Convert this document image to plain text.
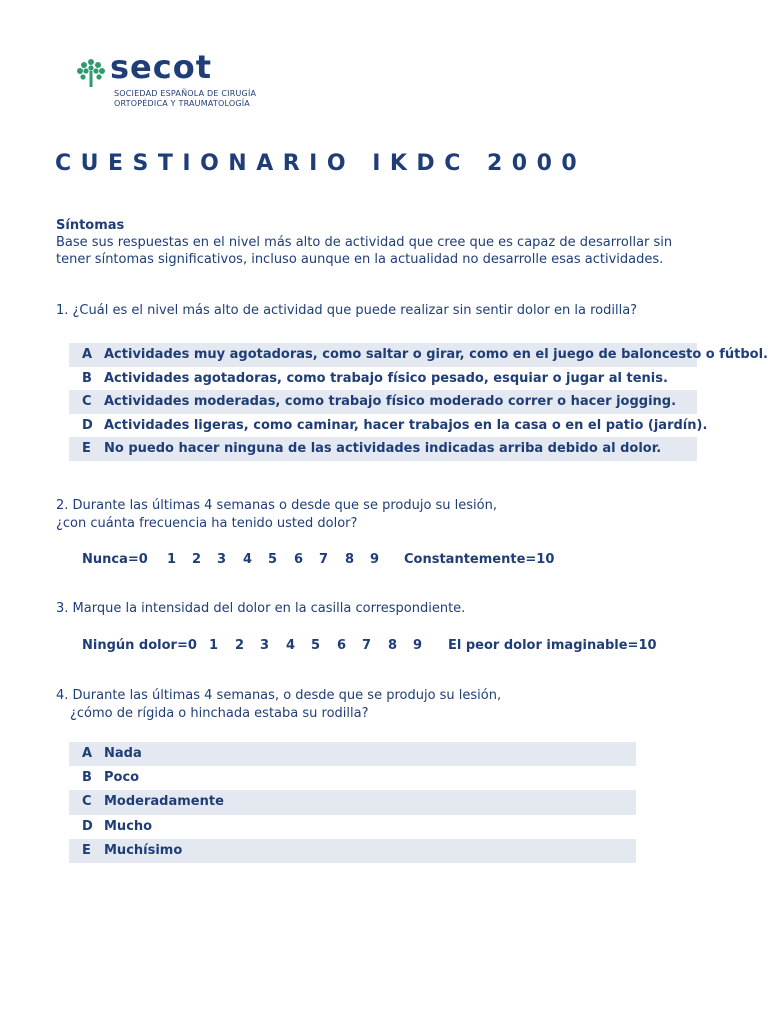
secot
SOCIEDAD ESPAÑOLA DE CIRUGÍA
ORTOPÉDICA Y TRAUMATOLOGÍA
CUESTIONARIO IKDC 2000
Síntomas
Base sus respuestas en el nivel más alto de actividad que cree que es capaz de desarrollar sin
tener síntomas significativos, incluso aunque en la actualidad no desarrolle esas actividades.
1. ¿Cuál es el nivel más alto de actividad que puede realizar sin sentir dolor en la rodilla?
A Actividades muy agotadoras, como saltar o girar, como en el juego de baloncesto o fútbol.
B Actividades agotadoras, como trabajo físico pesado, esquiar o jugar al tenis.
C Actividades moderadas, como trabajo físico moderado correr o hacer jogging.
D Actividades ligeras, como caminar, hacer trabajos en la casa o en el patio (jardín).
E No puedo hacer ninguna de las actividades indicadas arriba debido al dolor.
2. Durante las últimas 4 semanas o desde que se produjo su lesión,
¿con cuánta frecuencia ha tenido usted dolor?
Nunca=0 1 2 3 4 5 6 7 8 9 Constantemente=10
3. Marque la intensidad del dolor en la casilla correspondiente.
Ningún dolor=0 1 2 3 4 5 6 7 8 9 El peor dolor imaginable=10
4. Durante las últimas 4 semanas, o desde que se produjo su lesión,
¿cómo de rígida o hinchada estaba su rodilla?
A Nada
B Poco
C Moderadamente
D Mucho
E Muchísimo
